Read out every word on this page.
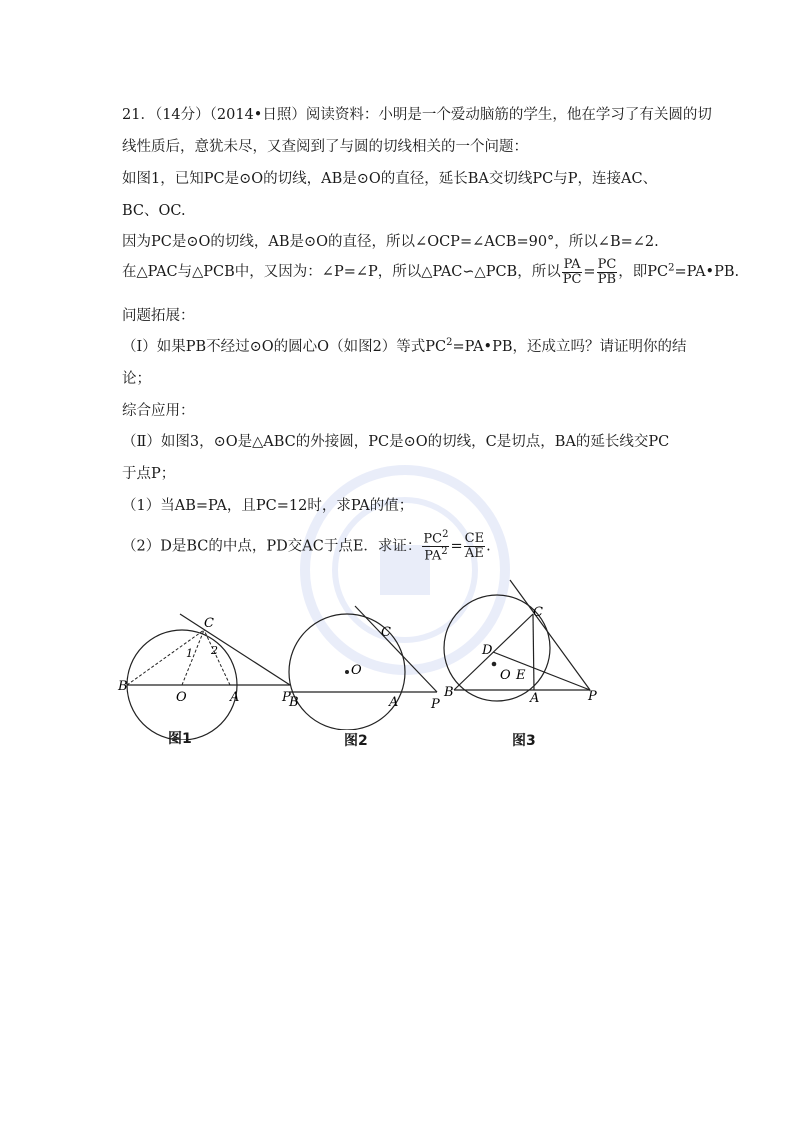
21．（14分）（2014•日照）阅读资料：小明是一个爱动脑筋的学生，他在学习了有关圆的切
线性质后，意犹未尽，又查阅到了与圆的切线相关的一个问题：
如图1，已知PC是⊙O的切线，AB是⊙O的直径，延长BA交切线PC与P，连接AC、
BC、OC.
因为PC是⊙O的切线，AB是⊙O的直径，所以∠OCP=∠ACB=90°，所以∠B=∠2.
在△PAC与△PCB中，又因为：∠P=∠P，所以△PAC∽△PCB，所以 $\frac{PA}{PC} = \frac{PC}{PB}$ ，即$PC^2=PA•PB$.
问题拓展：
（Ⅰ）如果PB不经过⊙O的圆心O（如图2）等式$PC^2=PA•PB$，还成立吗？请证明你的结
论；
综合应用：
（Ⅱ）如图3，⊙O是△ABC的外接圆，PC是⊙O的切线，C是切点，BA的延长线交PC
于点P；
（1）当AB=PA，且PC=12时，求PA的值；
（2）D是BC的中点，PD交AC于点E．求证： $\frac{PC^2}{PA^2} = \frac{CE}{AE}$ .
C
B
O	A	P
1 2
图1
C
O
B	A	P
图2
C
D
O E
B	A	P
图3
